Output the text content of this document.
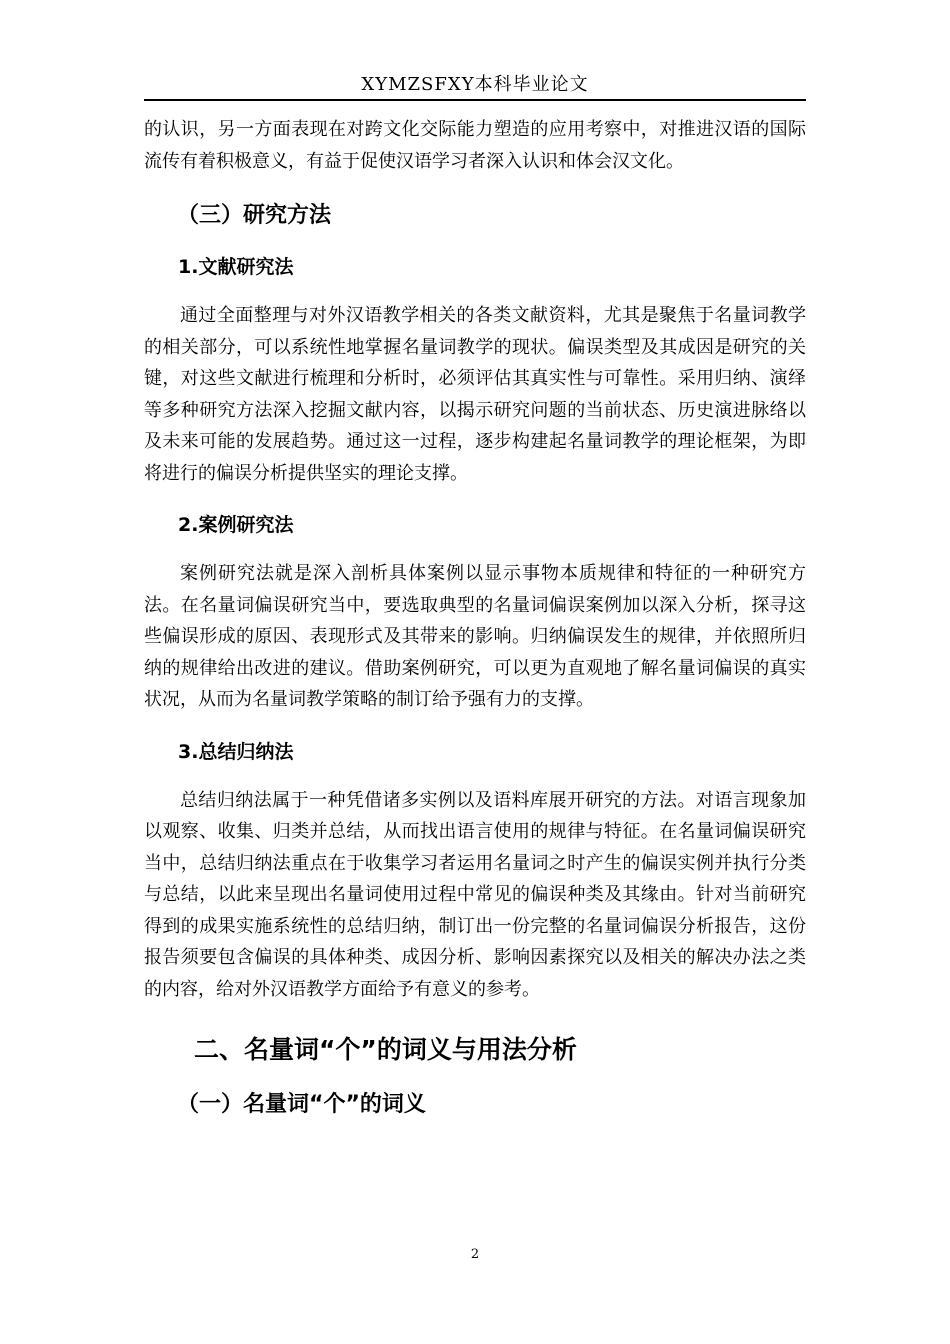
XYMZSFXY本科毕业论文

的认识，另一方面表现在对跨文化交际能力塑造的应用考察中，对推进汉语的国际流传有着积极意义，有益于促使汉语学习者深入认识和体会汉文化。

（三）研究方法
1.文献研究法

通过全面整理与对外汉语教学相关的各类文献资料，尤其是聚焦于名量词教学的相关部分，可以系统性地掌握名量词教学的现状。偏误类型及其成因是研究的关键，对这些文献进行梳理和分析时，必须评估其真实性与可靠性。采用归纳、演绎等多种研究方法深入挖掘文献内容，以揭示研究问题的当前状态、历史演进脉络以及未来可能的发展趋势。通过这一过程，逐步构建起名量词教学的理论框架，为即将进行的偏误分析提供坚实的理论支撑。

2.案例研究法

案例研究法就是深入剖析具体案例以显示事物本质规律和特征的一种研究方法。在名量词偏误研究当中，要选取典型的名量词偏误案例加以深入分析，探寻这些偏误形成的原因、表现形式及其带来的影响。归纳偏误发生的规律，并依照所归纳的规律给出改进的建议。借助案例研究，可以更为直观地了解名量词偏误的真实状况，从而为名量词教学策略的制订给予强有力的支撑。

3.总结归纳法

总结归纳法属于一种凭借诸多实例以及语料库展开研究的方法。对语言现象加以观察、收集、归类并总结，从而找出语言使用的规律与特征。在名量词偏误研究当中，总结归纳法重点在于收集学习者运用名量词之时产生的偏误实例并执行分类与总结，以此来呈现出名量词使用过程中常见的偏误种类及其缘由。针对当前研究得到的成果实施系统性的总结归纳，制订出一份完整的名量词偏误分析报告，这份报告须要包含偏误的具体种类、成因分析、影响因素探究以及相关的解决办法之类的内容，给对外汉语教学方面给予有意义的参考。

二、名量词“个”的词义与用法分析
（一）名量词“个”的词义
2
